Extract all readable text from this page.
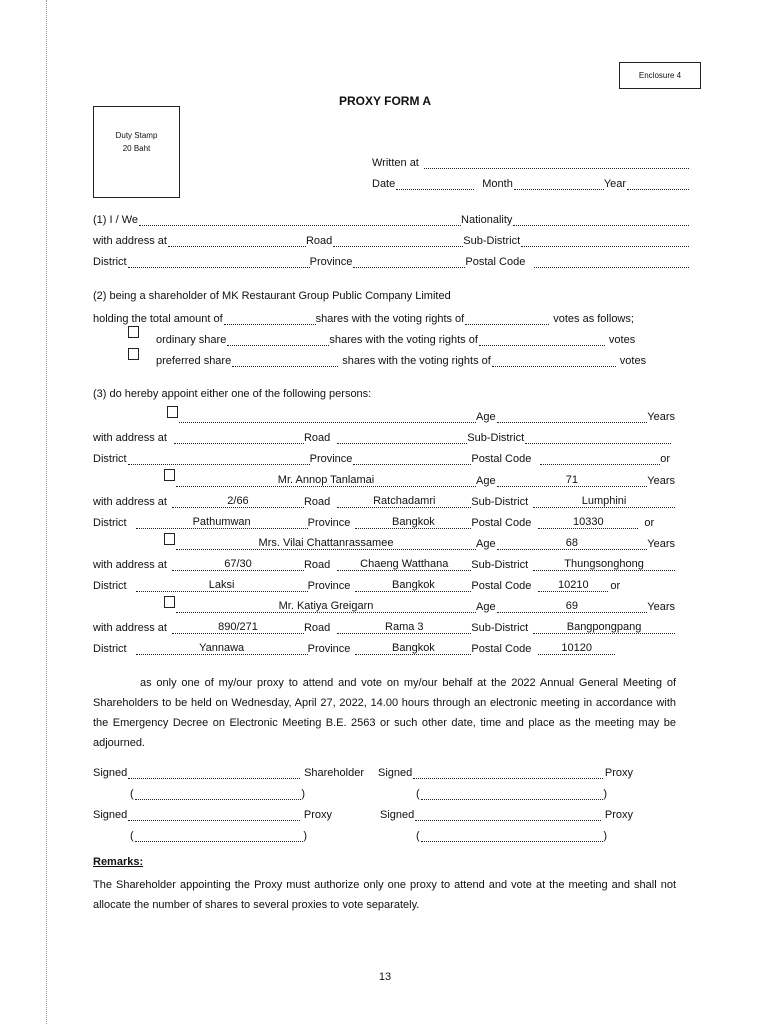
Enclosure 4
PROXY FORM A
Duty Stamp
20 Baht
Written at
Date	Month	Year
(1) I / We	Nationality
with address at	Road	Sub-District
District	Province	Postal Code
(2) being a shareholder of MK Restaurant Group Public Company Limited
holding the total amount of	shares with the voting rights of	votes as follows;
ordinary share	shares with the voting rights of	votes
preferred share	shares with the voting rights of	votes
(3) do hereby appoint either one of the following persons:
Age	Years
with address at	Road	Sub-District
District	Province	Postal Code	or
Mr. Annop Tanlamai	Age	71	Years
with address at	2/66	Road	Ratchadamri	Sub-District	Lumphini
District	Pathumwan	Province	Bangkok	Postal Code	10330	or
Mrs. Vilai Chattanrassamee	Age	68	Years
with address at	67/30	Road	Chaeng Watthana	Sub-District	Thungsonghong
District	Laksi	Province	Bangkok	Postal Code	10210	or
Mr. Katiya Greigarn	Age	69	Years
with address at	890/271	Road	Rama 3	Sub-District	Bangpongpang
District	Yannawa	Province	Bangkok	Postal Code	10120
as only one of my/our proxy to attend and vote on my/our behalf at the 2022 Annual General Meeting of Shareholders to be held on Wednesday, April 27, 2022, 14.00 hours through an electronic meeting in accordance with the Emergency Decree on Electronic Meeting B.E. 2563 or such other date, time and place as the meeting may be adjourned.
Signed	Shareholder Signed	Proxy
(	)	(	)
Signed	Proxy	Signed	Proxy
(	)	(	)
Remarks:
The Shareholder appointing the Proxy must authorize only one proxy to attend and vote at the meeting and shall not allocate the number of shares to several proxies to vote separately.
13
